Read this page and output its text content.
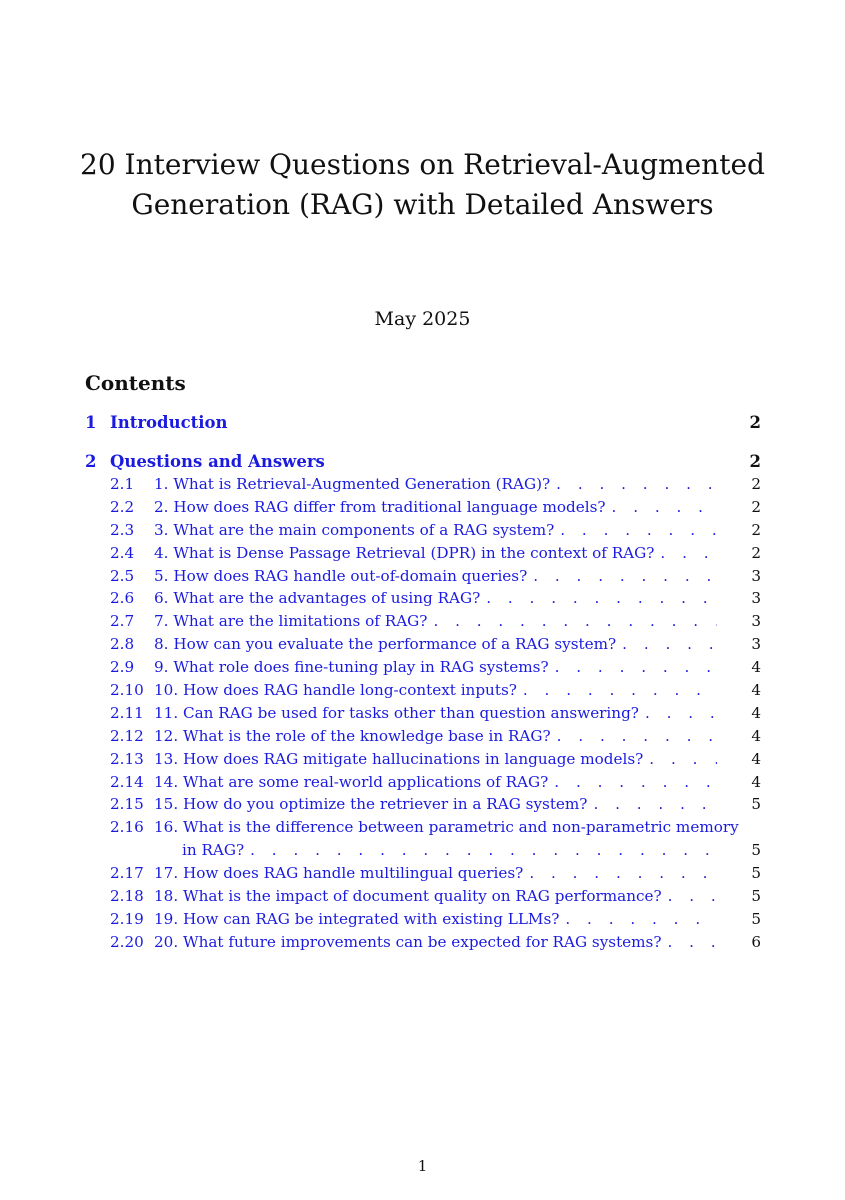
20 Interview Questions on Retrieval-Augmented Generation (RAG) with Detailed Answers
May 2025
Contents
1 Introduction	2
2 Questions and Answers	2
2.1 1. What is Retrieval-Augmented Generation (RAG)? . . .	2
2.2 2. How does RAG differ from traditional language models? . . .	2
2.3 3. What are the main components of a RAG system? . . .	2
2.4 4. What is Dense Passage Retrieval (DPR) in the context of RAG? . . .	2
2.5 5. How does RAG handle out-of-domain queries? . . .	3
2.6 6. What are the advantages of using RAG? . . .	3
2.7 7. What are the limitations of RAG? . . .	3
2.8 8. How can you evaluate the performance of a RAG system? . . .	3
2.9 9. What role does fine-tuning play in RAG systems? . . .	4
2.10 10. How does RAG handle long-context inputs? . . .	4
2.11 11. Can RAG be used for tasks other than question answering? . . .	4
2.12 12. What is the role of the knowledge base in RAG? . . .	4
2.13 13. How does RAG mitigate hallucinations in language models? . . .	4
2.14 14. What are some real-world applications of RAG? . . .	4
2.15 15. How do you optimize the retriever in a RAG system? . . .	5
2.16 16. What is the difference between parametric and non-parametric memory
in RAG? . . .	5
2.17 17. How does RAG handle multilingual queries? . . .	5
2.18 18. What is the impact of document quality on RAG performance? . . .	5
2.19 19. How can RAG be integrated with existing LLMs? . . .	5
2.20 20. What future improvements can be expected for RAG systems? . . .	6
1
